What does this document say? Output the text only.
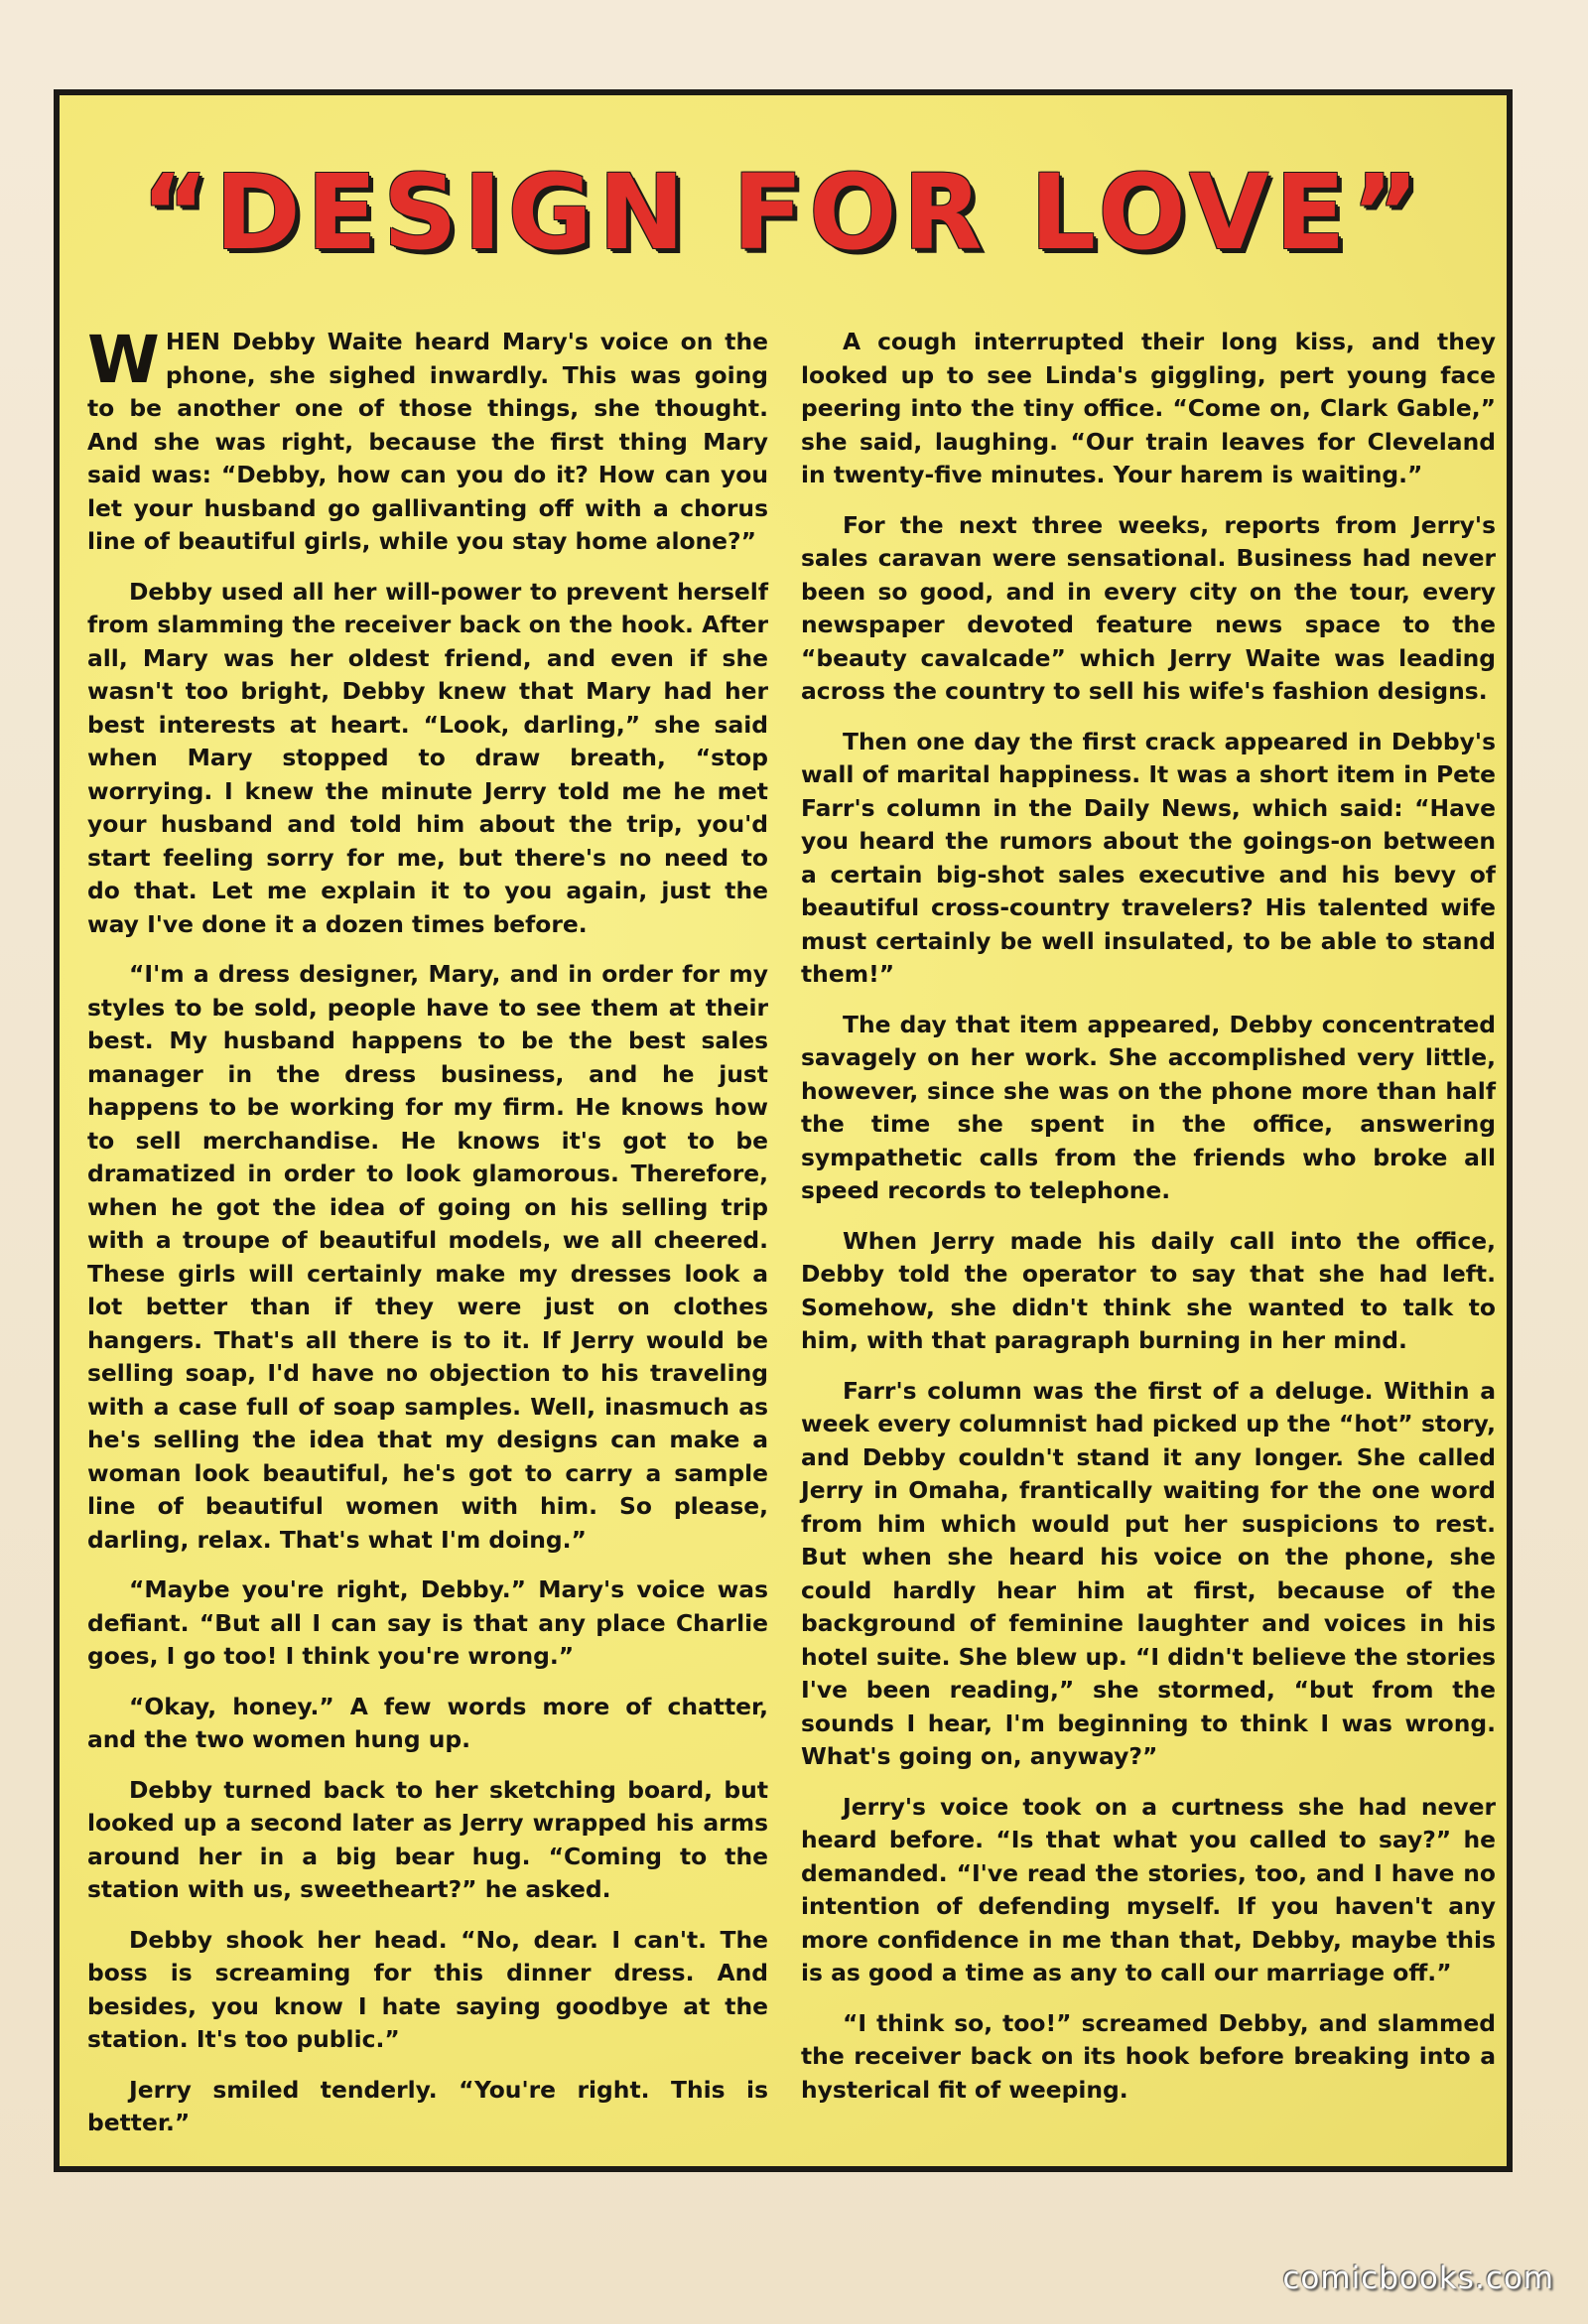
“DESIGN FOR LOVE”

WHEN Debby Waite heard Mary's voice on the phone, she sighed inwardly. This was going to be another one of those things, she thought. And she was right, because the first thing Mary said was: “Debby, how can you do it? How can you let your husband go gallivanting off with a chorus line of beautiful girls, while you stay home alone?”

Debby used all her will-power to prevent herself from slamming the receiver back on the hook. After all, Mary was her oldest friend, and even if she wasn't too bright, Debby knew that Mary had her best interests at heart. “Look, darling,” she said when Mary stopped to draw breath, “stop worrying. I knew the minute Jerry told me he met your husband and told him about the trip, you'd start feeling sorry for me, but there's no need to do that. Let me explain it to you again, just the way I've done it a dozen times before.

“I'm a dress designer, Mary, and in order for my styles to be sold, people have to see them at their best. My husband happens to be the best sales manager in the dress business, and he just happens to be working for my firm. He knows how to sell merchandise. He knows it's got to be dramatized in order to look glamorous. Therefore, when he got the idea of going on his selling trip with a troupe of beautiful models, we all cheered. These girls will certainly make my dresses look a lot better than if they were just on clothes hangers. That's all there is to it. If Jerry would be selling soap, I'd have no objection to his traveling with a case full of soap samples. Well, inasmuch as he's selling the idea that my designs can make a woman look beautiful, he's got to carry a sample line of beautiful women with him. So please, darling, relax. That's what I'm doing.”

“Maybe you're right, Debby.” Mary's voice was defiant. “But all I can say is that any place Charlie goes, I go too! I think you're wrong.”

“Okay, honey.” A few words more of chatter, and the two women hung up.

Debby turned back to her sketching board, but looked up a second later as Jerry wrapped his arms around her in a big bear hug. “Coming to the station with us, sweetheart?” he asked.

Debby shook her head. “No, dear. I can't. The boss is screaming for this dinner dress. And besides, you know I hate saying goodbye at the station. It's too public.”

Jerry smiled tenderly. “You're right. This is better.”

A cough interrupted their long kiss, and they looked up to see Linda's giggling, pert young face peering into the tiny office. “Come on, Clark Gable,” she said, laughing. “Our train leaves for Cleveland in twenty-five minutes. Your harem is waiting.”

For the next three weeks, reports from Jerry's sales caravan were sensational. Business had never been so good, and in every city on the tour, every newspaper devoted feature news space to the “beauty cavalcade” which Jerry Waite was leading across the country to sell his wife's fashion designs.

Then one day the first crack appeared in Debby's wall of marital happiness. It was a short item in Pete Farr's column in the Daily News, which said: “Have you heard the rumors about the goings-on between a certain big-shot sales executive and his bevy of beautiful cross-country travelers? His talented wife must certainly be well insulated, to be able to stand them!”

The day that item appeared, Debby concentrated savagely on her work. She accomplished very little, however, since she was on the phone more than half the time she spent in the office, answering sympathetic calls from the friends who broke all speed records to telephone.

When Jerry made his daily call into the office, Debby told the operator to say that she had left. Somehow, she didn't think she wanted to talk to him, with that paragraph burning in her mind.

Farr's column was the first of a deluge. Within a week every columnist had picked up the “hot” story, and Debby couldn't stand it any longer. She called Jerry in Omaha, frantically waiting for the one word from him which would put her suspicions to rest. But when she heard his voice on the phone, she could hardly hear him at first, because of the background of feminine laughter and voices in his hotel suite. She blew up. “I didn't believe the stories I've been reading,” she stormed, “but from the sounds I hear, I'm beginning to think I was wrong. What's going on, anyway?”

Jerry's voice took on a curtness she had never heard before. “Is that what you called to say?” he demanded. “I've read the stories, too, and I have no intention of defending myself. If you haven't any more confidence in me than that, Debby, maybe this is as good a time as any to call our marriage off.”

“I think so, too!” screamed Debby, and slammed the receiver back on its hook before breaking into a hysterical fit of weeping.

comicbooks.com
